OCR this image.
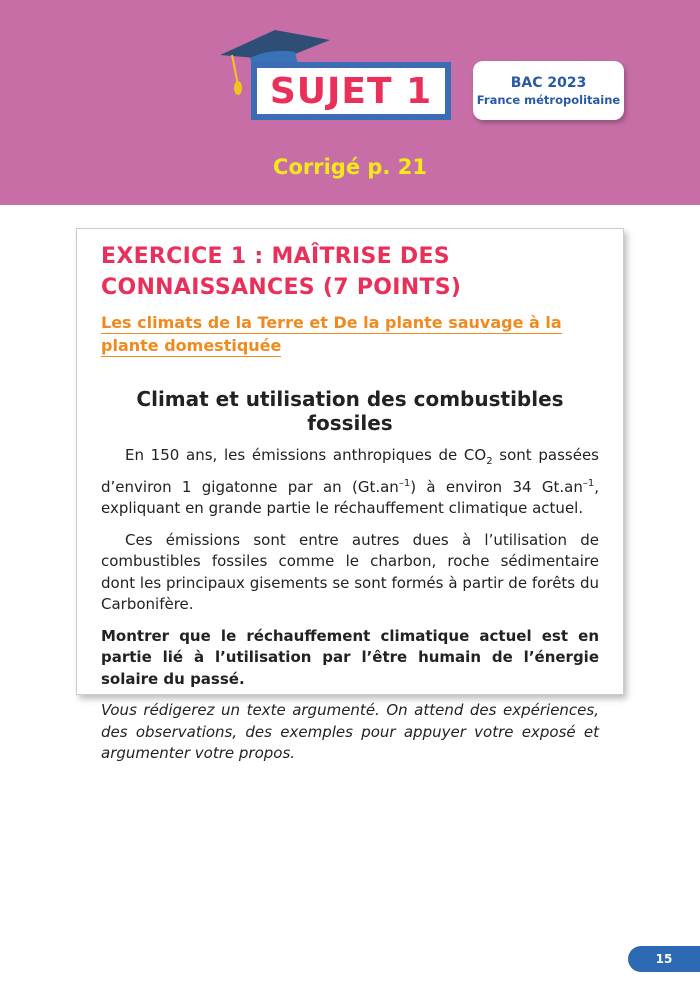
SUJET 1	BAC 2023
France métropolitaine
Corrigé p. 21
EXERCICE 1 : MAÎTRISE DES CONNAISSANCES (7 POINTS)
Les climats de la Terre et De la plante sauvage à la plante domestiquée
Climat et utilisation des combustibles fossiles

En 150 ans, les émissions anthropiques de $CO_2$ sont passées d’environ 1 gigatonne par an $(Gt.an^{-1})$ à environ 34 $Gt.an^{-1}$, expliquant en grande partie le réchauffement climatique actuel.

Ces émissions sont entre autres dues à l’utilisation de combustibles fossiles comme le charbon, roche sédimentaire dont les principaux gisements se sont formés à partir de forêts du Carbonifère.

Montrer que le réchauffement climatique actuel est en partie lié à l’utilisation par l’être humain de l’énergie solaire du passé.

Vous rédigerez un texte argumenté. On attend des expériences, des observations, des exemples pour appuyer votre exposé et argumenter votre propos.

15
